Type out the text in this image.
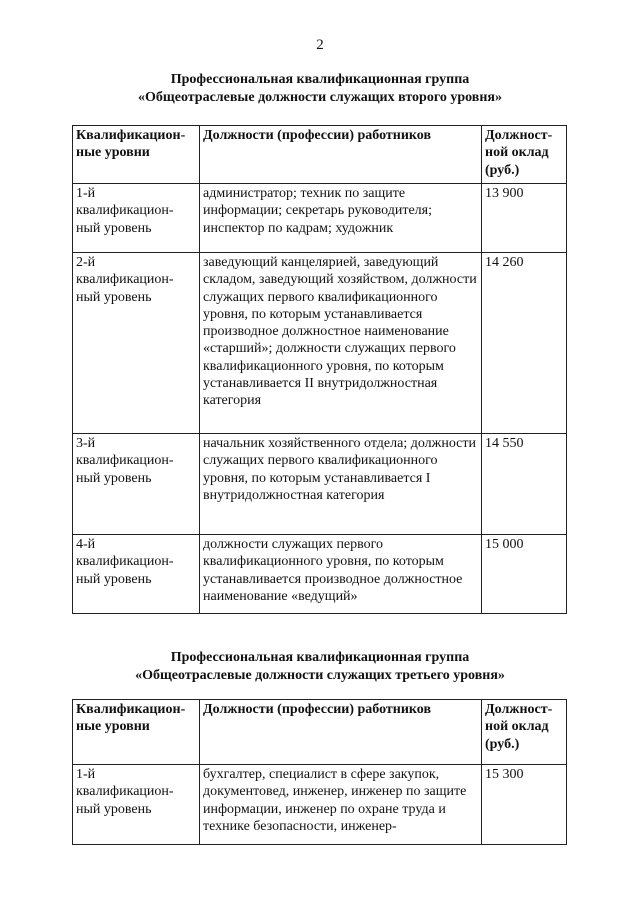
2
Профессиональная квалификационная группа
«Общеотраслевые должности служащих второго уровня»
Квалификацион-ные уровни	Должности (профессии) работников	Должност-ной оклад (руб.)
1-й квалификацион-ный уровень	администратор; техник по защите информации; секретарь руководителя; инспектор по кадрам; художник	13 900
2-й квалификацион-ный уровень	заведующий канцелярией, заведующий складом, заведующий хозяйством, должности служащих первого квалификационного уровня, по которым устанавливается производное должностное наименование «старший»; должности служащих первого квалификационного уровня, по которым устанавливается II внутридолжностная категория	14 260
3-й квалификацион-ный уровень	начальник хозяйственного отдела; должности служащих первого квалификационного уровня, по которым устанавливается I внутридолжностная категория	14 550
4-й квалификацион-ный уровень	должности служащих первого квалификационного уровня, по которым устанавливается производное должностное наименование «ведущий»	15 000
Профессиональная квалификационная группа
«Общеотраслевые должности служащих третьего уровня»
Квалификацион-ные уровни	Должности (профессии) работников	Должност-ной оклад (руб.)
1-й квалификацион-ный уровень	бухгалтер, специалист в сфере закупок, документовед, инженер, инженер по защите информации, инженер по охране труда и технике безопасности, инженер-	15 300
